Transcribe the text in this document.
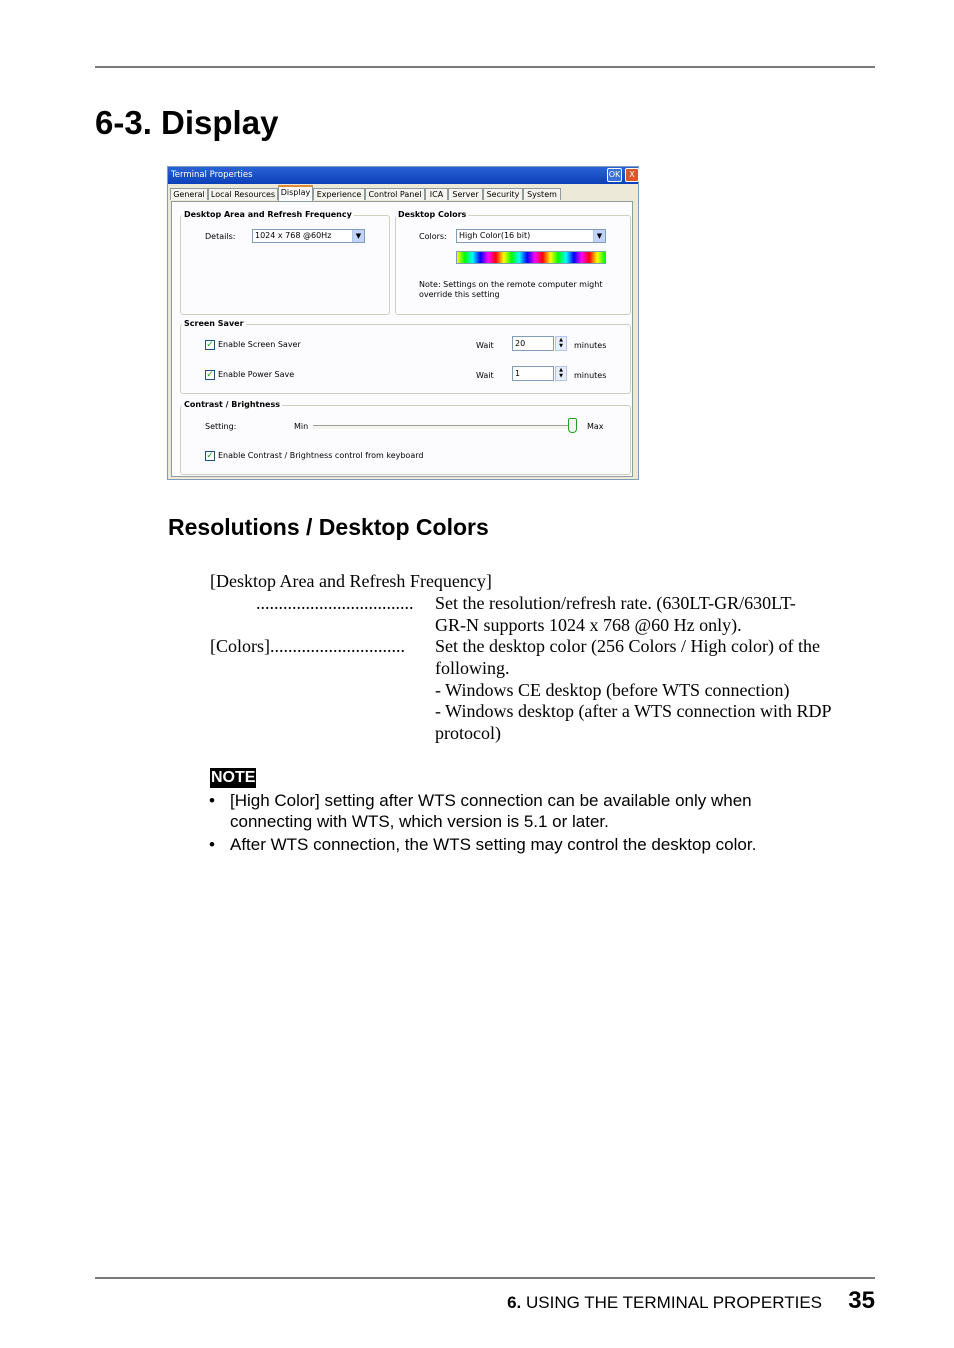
6-3. Display
Terminal Properties	OK	X
General Local Resources Display Experience Control Panel	ICA	Server Security System
Desktop Area and Refresh Frequency
Details:	1024 x 768 @60Hz	▼
Desktop Colors
Colors:	High Color(16 bit)	▼
Note: Settings on the remote computer might
override this setting
Screen Saver
✓ Enable Screen Saver	Wait	20	▲
▼	minutes
✓ Enable Power Save	Wait	1	▲
▼	minutes
Contrast / Brightness
Setting:	Min	Max
✓ Enable Contrast / Brightness control from keyboard
Resolutions / Desktop Colors
[Desktop Area and Refresh Frequency]
................................... Set the resolution/refresh rate. (630LT-GR/630LT-
GR-N supports 1024 x 768 @60 Hz only).
[Colors].............................. Set the desktop color (256 Colors / High color) of the
following.
- Windows CE desktop (before WTS connection)
- Windows desktop (after a WTS connection with RDP
protocol)
NOTE
• [High Color] setting after WTS connection can be available only when
connecting with WTS, which version is 5.1 or later.
• After WTS connection, the WTS setting may control the desktop color.
6. USING THE TERMINAL PROPERTIES 35
